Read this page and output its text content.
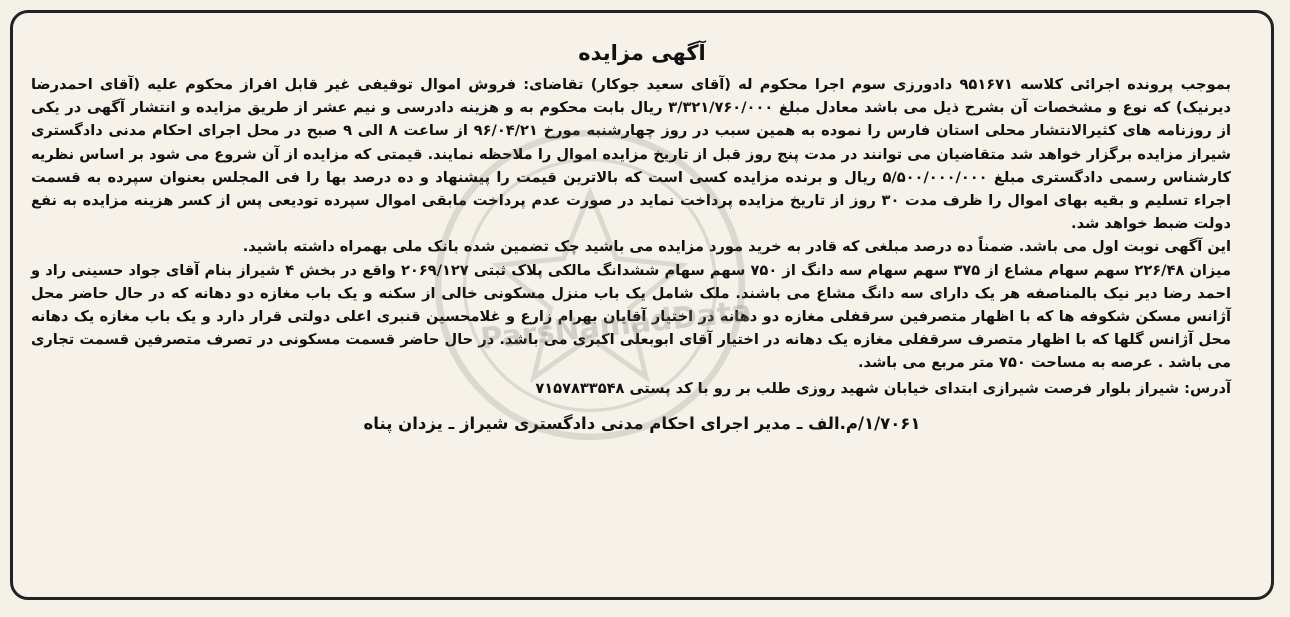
آگهی مزایده

بموجب پرونده اجرائی کلاسه ۹۵۱۶۷۱ دادورزی سوم اجرا محکوم له (آقای سعید جوکار) تقاضای: فروش اموال توقیفی غیر قابل افراز محکوم علیه (آقای احمدرضا دیرنیک) که نوع و مشخصات آن بشرح ذیل می باشد معادل مبلغ ۳/۳۲۱/۷۶۰/۰۰۰ ریال بابت محکوم به و هزینه دادرسی و نیم عشر از طریق مزایده و انتشار آگهی در یکی از روزنامه های کثیرالانتشار محلی استان فارس را نموده به همین سبب در روز چهارشنبه مورخ ۹۶/۰۴/۲۱ از ساعت ۸ الی ۹ صبح در محل اجرای احکام مدنی دادگستری شیراز مزایده برگزار خواهد شد متقاضیان می توانند در مدت پنج روز قبل از تاریخ مزایده اموال را ملاحظه نمایند. قیمتی که مزایده از آن شروع می شود بر اساس نظریه کارشناس رسمی دادگستری مبلغ ۵/۵۰۰/۰۰۰/۰۰۰ ریال و برنده مزایده کسی است که بالاترین قیمت را پیشنهاد و ده درصد بها را فی المجلس بعنوان سپرده به قسمت اجراء تسلیم و بقیه بهای اموال را ظرف مدت ۳۰ روز از تاریخ مزایده پرداخت نماید در صورت عدم پرداخت مابقی اموال سپرده تودیعی پس از کسر هزینه مزایده به نفع دولت ضبط خواهد شد.

این آگهی نوبت اول می باشد. ضمناً ده درصد مبلغی که قادر به خرید مورد مزایده می باشید چک تضمین شده بانک ملی بهمراه داشته باشید.

میزان ۲۲۶/۴۸ سهم سهام مشاع از ۳۷۵ سهم سهام سه دانگ از ۷۵۰ سهم سهام ششدانگ مالکی پلاک ثبتی ۲۰۶۹/۱۲۷ واقع در بخش ۴ شیراز بنام آقای جواد حسینی راد و احمد رضا دیر نیک بالمناصفه هر یک دارای سه دانگ مشاع می باشند. ملک شامل یک باب منزل مسکونی خالی از سکنه و یک باب مغازه دو دهانه که در حال حاضر محل آژانس مسکن شکوفه ها که با اظهار متصرفین سرقفلی مغازه دو دهانه در اختیار آقایان بهرام زارع و غلامحسین قنبری اعلی دولتی قرار دارد و یک باب مغازه یک دهانه محل آژانس گلها که با اظهار متصرف سرقفلی مغازه یک دهانه در اختیار آقای ابوبعلی اکبری می باشد. در حال حاضر قسمت مسکونی در تصرف متصرفین قسمت تجاری می باشد . عرصه به مساحت ۷۵۰ متر مربع می باشد.

آدرس: شیراز بلوار فرصت شیرازی ابتدای خیابان شهید روزی طلب بر رو با کد پستی ۷۱۵۷۸۳۳۵۴۸
۱/۷۰۶۱/م.الف ـ مدیر اجرای احکام مدنی دادگستری شیراز ـ یزدان پناه
ParsNamadData
